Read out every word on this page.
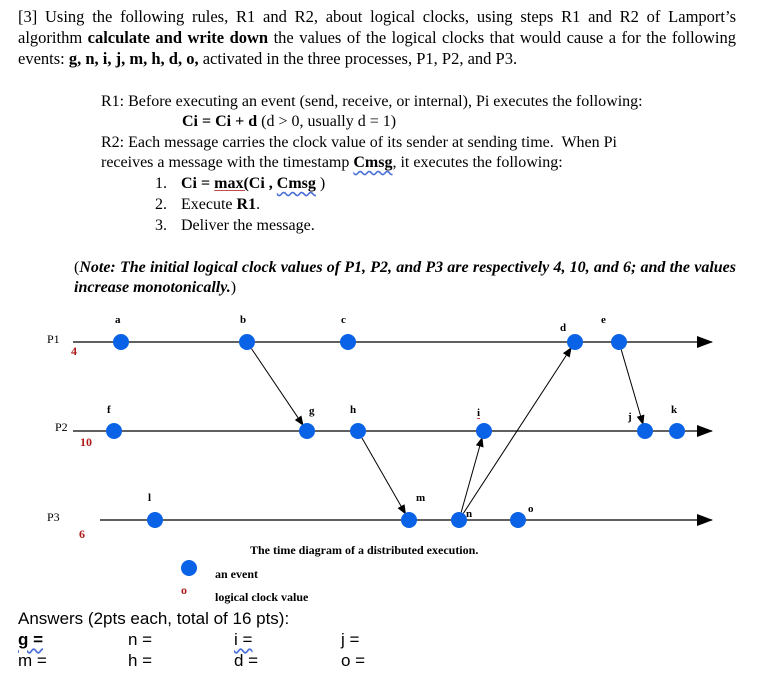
[3] Using the following rules, R1 and R2, about logical clocks, using steps R1 and R2 of Lamport’s algorithm calculate and write down the values of the logical clocks that would cause a for the following events: g, n, i, j, m, h, d, o, activated in the three processes, P1, P2, and P3.
R1: Before executing an event (send, receive, or internal), Pi executes the following:
Ci = Ci + d (d > 0, usually d = 1)
R2: Each message carries the clock value of its sender at sending time.  When Pi
receives a message with the timestamp Cmsg, it executes the following:
1. Ci = max(Ci , Cmsg )
2. Execute R1.
3. Deliver the message.
(Note: The initial logical clock values of P1, P2, and P3 are respectively 4, 10, and 6; and the values increase monotonically.)
P1
P2
P3
4
10
6
a	b	c
d
e
f	g	h	i	j
k
l	m
n	o
The time diagram of a distributed execution.
an event
o logical clock value
Answers (2pts each, total of 16 pts):
g =	n =	i =	j =
m =	h =	d =	o =
